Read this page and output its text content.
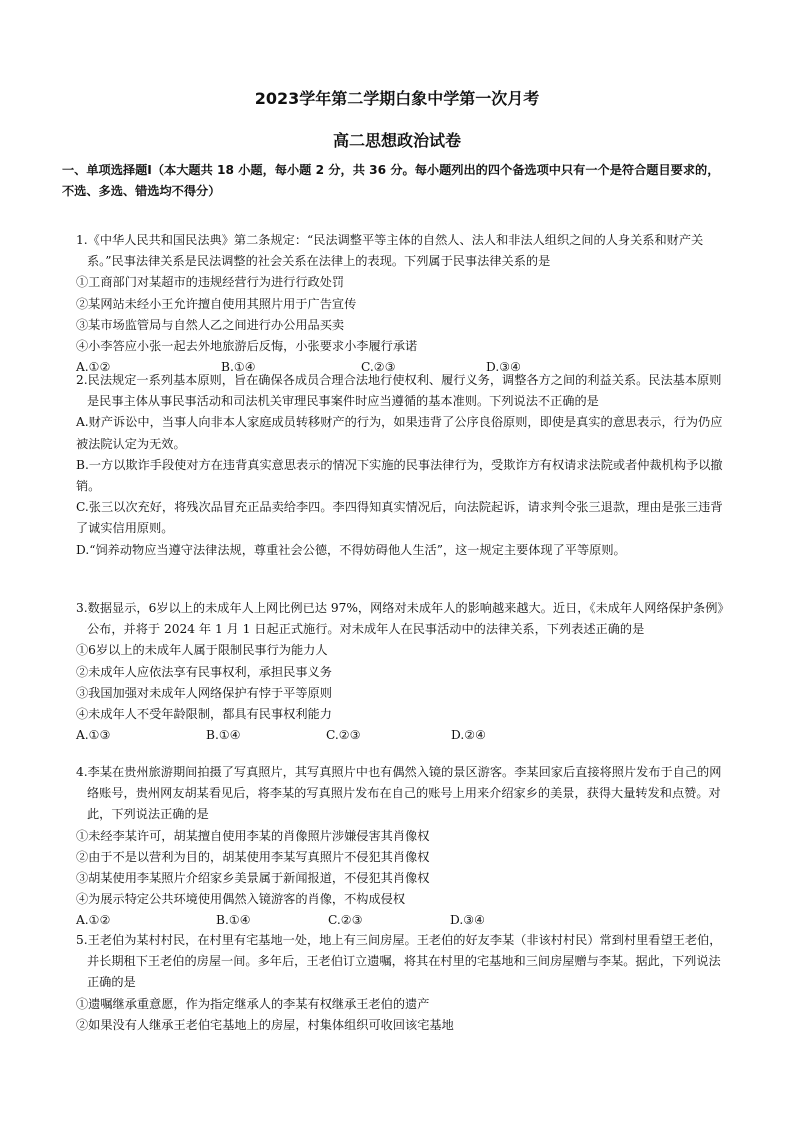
2023学年第二学期白象中学第一次月考
高二思想政治试卷
一、单项选择题Ⅰ（本大题共 18 小题，每小题 2 分，共 36 分。每小题列出的四个备选项中只有一个是符合题目要求的，不选、多选、错选均不得分）

1.《中华人民共和国民法典》第二条规定：“民法调整平等主体的自然人、法人和非法人组织之间的人身关系和财产关系。”民事法律关系是民法调整的社会关系在法律上的表现。下列属于民事法律关系的是

①工商部门对某超市的违规经营行为进行行政处罚

②某网站未经小王允许擅自使用其照片用于广告宣传

③某市场监管局与自然人乙之间进行办公用品买卖

④小李答应小张一起去外地旅游后反悔，小张要求小李履行承诺

A.①②	B.①④	C.②③	D.③④

2.民法规定一系列基本原则，旨在确保各成员合理合法地行使权利、履行义务，调整各方之间的利益关系。民法基本原则是民事主体从事民事活动和司法机关审理民事案件时应当遵循的基本准则。下列说法不正确的是

A.财产诉讼中，当事人向非本人家庭成员转移财产的行为，如果违背了公序良俗原则，即使是真实的意思表示，行为仍应被法院认定为无效。

B.一方以欺诈手段使对方在违背真实意思表示的情况下实施的民事法律行为，受欺诈方有权请求法院或者仲裁机构予以撤销。

C.张三以次充好，将残次品冒充正品卖给李四。李四得知真实情况后，向法院起诉，请求判令张三退款，理由是张三违背了诚实信用原则。

D.“饲养动物应当遵守法律法规，尊重社会公德，不得妨碍他人生活”，这一规定主要体现了平等原则。

3.数据显示，6岁以上的未成年人上网比例已达 97%，网络对未成年人的影响越来越大。近日，《未成年人网络保护条例》公布，并将于 2024 年 1 月 1 日起正式施行。对未成年人在民事活动中的法律关系，下列表述正确的是

①6岁以上的未成年人属于限制民事行为能力人

②未成年人应依法享有民事权利，承担民事义务

③我国加强对未成年人网络保护有悖于平等原则

④未成年人不受年龄限制，都具有民事权利能力

A.①③	B.①④	C.②③	D.②④

4.李某在贵州旅游期间拍摄了写真照片，其写真照片中也有偶然入镜的景区游客。李某回家后直接将照片发布于自己的网络账号，贵州网友胡某看见后，将李某的写真照片发布在自己的账号上用来介绍家乡的美景，获得大量转发和点赞。对此，下列说法正确的是

①未经李某许可，胡某擅自使用李某的肖像照片涉嫌侵害其肖像权

②由于不是以营利为目的，胡某使用李某写真照片不侵犯其肖像权

③胡某使用李某照片介绍家乡美景属于新闻报道，不侵犯其肖像权

④为展示特定公共环境使用偶然入镜游客的肖像，不构成侵权

A.①②	B.①④	C.②③	D.③④

5.王老伯为某村村民，在村里有宅基地一处，地上有三间房屋。王老伯的好友李某（非该村村民）常到村里看望王老伯，并长期租下王老伯的房屋一间。多年后，王老伯订立遗嘱，将其在村里的宅基地和三间房屋赠与李某。据此，下列说法正确的是

①遗嘱继承重意愿，作为指定继承人的李某有权继承王老伯的遗产

②如果没有人继承王老伯宅基地上的房屋，村集体组织可收回该宅基地
